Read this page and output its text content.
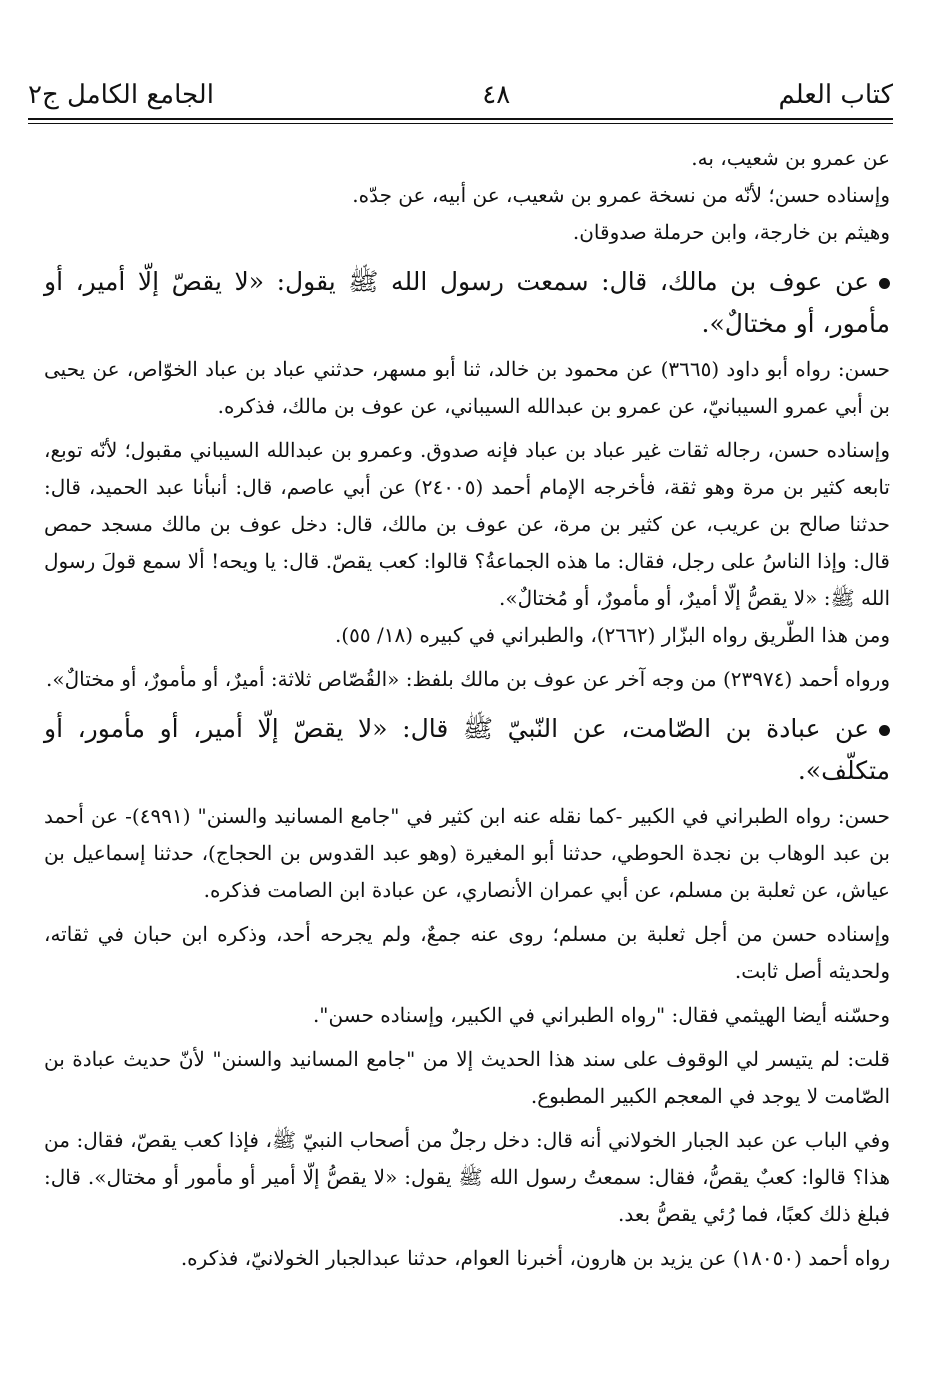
كتاب العلم
٤٨
الجامع الكامل ج٢

عن عمرو بن شعيب، به.

وإسناده حسن؛ لأنّه من نسخة عمرو بن شعيب، عن أبيه، عن جدّه.

وهيثم بن خارجة، وابن حرملة صدوقان.

عن عوف بن مالك، قال: سمعت رسول الله ﷺ يقول: «لا يقصّ إلّا أمير، أو مأمور، أو مختالٌ».

حسن: رواه أبو داود (٣٦٦٥) عن محمود بن خالد، ثنا أبو مسهر، حدثني عباد بن عباد الخوّاص، عن يحيى بن أبي عمرو السيبانيّ، عن عمرو بن عبدالله السيباني، عن عوف بن مالك، فذكره.

وإسناده حسن، رجاله ثقات غير عباد بن عباد فإنه صدوق. وعمرو بن عبدالله السيباني مقبول؛ لأنّه توبع، تابعه كثير بن مرة وهو ثقة، فأخرجه الإمام أحمد (٢٤٠٠٥) عن أبي عاصم، قال: أنبأنا عبد الحميد، قال: حدثنا صالح بن عريب، عن كثير بن مرة، عن عوف بن مالك، قال: دخل عوف بن مالك مسجد حمص قال: وإذا الناسُ على رجل، فقال: ما هذه الجماعةُ؟ قالوا: كعب يقصّ. قال: يا ويحه! ألا سمع قولَ رسول الله ﷺ: «لا يقصُّ إلّا أميرٌ، أو مأمورٌ، أو مُختالٌ».

ومن هذا الطّريق رواه البزّار (٢٦٦٢)، والطبراني في كبيره (١٨/ ٥٥).

ورواه أحمد (٢٣٩٧٤) من وجه آخر عن عوف بن مالك بلفظ: «القُصّاص ثلاثة: أميرٌ، أو مأمورٌ، أو مختالٌ».

عن عبادة بن الصّامت، عن النّبيّ ﷺ قال: «لا يقصّ إلّا أمير، أو مأمور، أو متكلّف».

حسن: رواه الطبراني في الكبير -كما نقله عنه ابن كثير في "جامع المسانيد والسنن" (٤٩٩١)- عن أحمد بن عبد الوهاب بن نجدة الحوطي، حدثنا أبو المغيرة (وهو عبد القدوس بن الحجاج)، حدثنا إسماعيل بن عياش، عن ثعلبة بن مسلم، عن أبي عمران الأنصاري، عن عبادة ابن الصامت فذكره.

وإسناده حسن من أجل ثعلبة بن مسلم؛ روى عنه جمعٌ، ولم يجرحه أحد، وذكره ابن حبان في ثقاته، ولحديثه أصل ثابت.

وحسّنه أيضا الهيثمي فقال: "رواه الطبراني في الكبير، وإسناده حسن".

قلت: لم يتيسر لي الوقوف على سند هذا الحديث إلا من "جامع المسانيد والسنن" لأنّ حديث عبادة بن الصّامت لا يوجد في المعجم الكبير المطبوع.

وفي الباب عن عبد الجبار الخولاني أنه قال: دخل رجلٌ من أصحاب النبيّ ﷺ، فإذا كعب يقصّ، فقال: من هذا؟ قالوا: كعبٌ يقصُّ، فقال: سمعتُ رسول الله ﷺ يقول: «لا يقصُّ إلّا أمير أو مأمور أو مختال». قال: فبلغ ذلك كعبًا، فما رُئي يقصُّ بعد.

رواه أحمد (١٨٠٥٠) عن يزيد بن هارون، أخبرنا العوام، حدثنا عبدالجبار الخولانيّ، فذكره.
